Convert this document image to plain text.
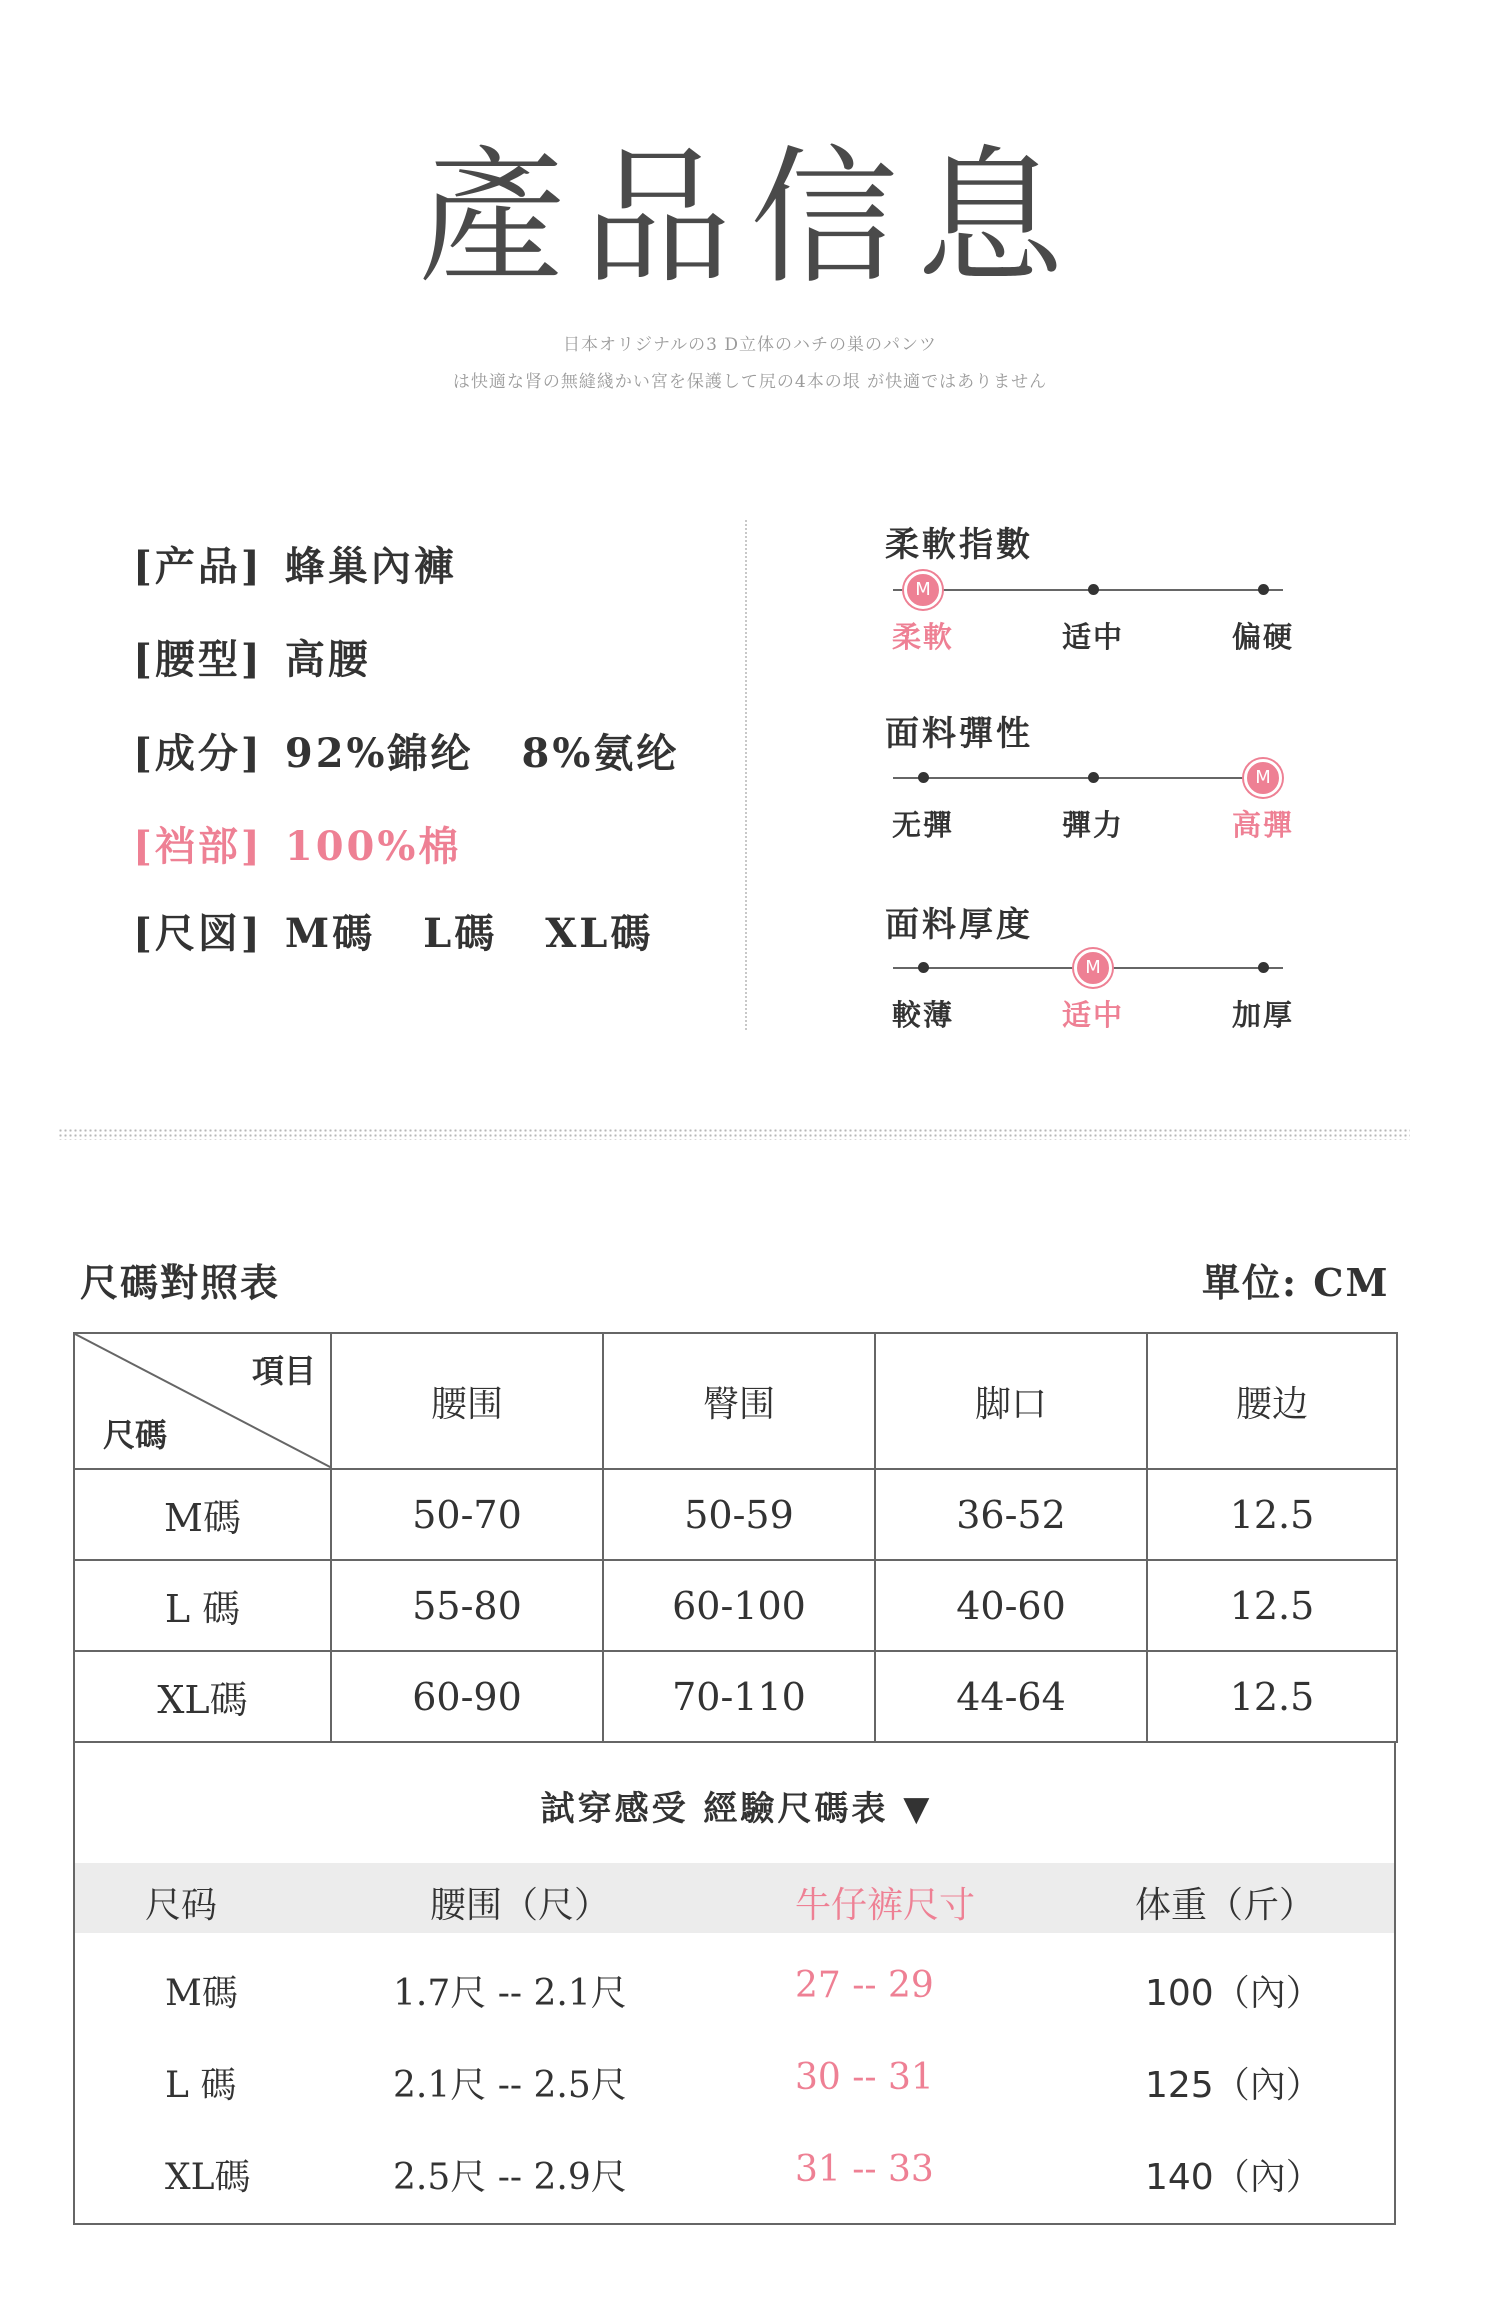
產品信息
日本オリジナルの3 D立体のハチの巣のパンツ
は快適な肾の無縫綫かい宮を保護して尻の4本の垠 が快適ではありません
[产品] 蜂巢內褲
[腰型] 高腰
[成分] 92%錦纶 8%氨纶
[裆部] 100%棉
[尺図] M碼 L碼 XL碼
柔軟指數
面料彈性
面料厚度
M
柔軟	适中	偏硬
无彈	彈力
M
高彈
較薄
M
适中	加厚
尺碼對照表	單位: CM
項目
尺碼	腰围	臀围	脚口	腰边
M碼	50-70	50-59	36-52	12.5
L 碼	55-80	60-100	40-60	12.5
XL碼	60-90	70-110	44-64	12.5
試穿感受 經驗尺碼表 ▼
尺码	腰围（尺）	牛仔裤尺寸	体重（斤）
M碼	1.7尺 -- 2.1尺	27 -- 29	100（內）
L 碼	2.1尺 -- 2.5尺	30 -- 31	125（內）
XL碼	2.5尺 -- 2.9尺	31 -- 33	140（內）
